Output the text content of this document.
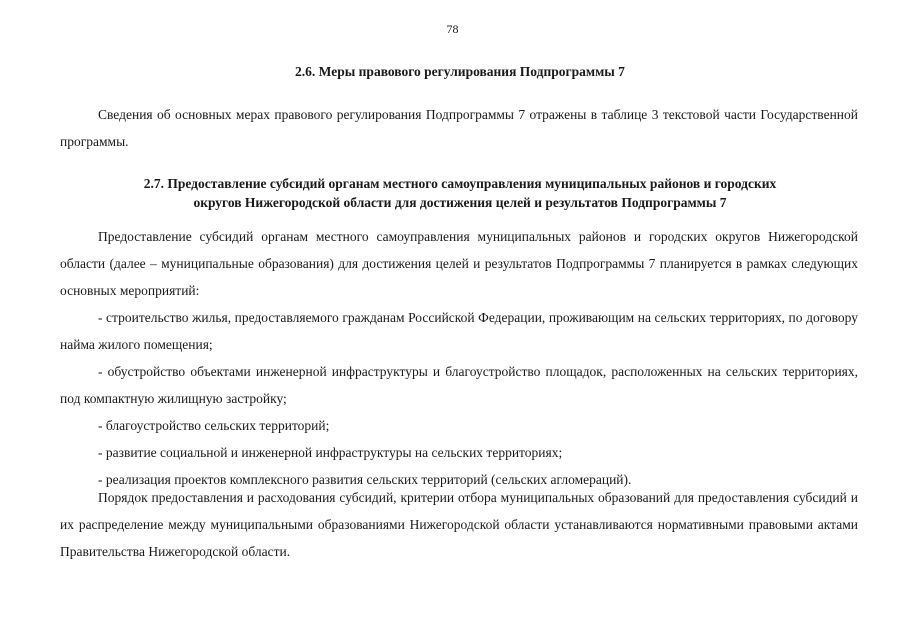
78
2.6. Меры правового регулирования Подпрограммы 7

Сведения об основных мерах правового регулирования Подпрограммы 7 отражены в таблице 3 текстовой части Государственной программы.

2.7. Предоставление субсидий органам местного самоуправления муниципальных районов и городских
округов Нижегородской области для достижения целей и результатов Подпрограммы 7

Предоставление субсидий органам местного самоуправления муниципальных районов и городских округов Нижегородской области (далее – муниципальные образования) для достижения целей и результатов Подпрограммы 7 планируется в рамках следующих основных мероприятий:

- строительство жилья, предоставляемого гражданам Российской Федерации, проживающим на сельских территориях, по договору найма жилого помещения;
- обустройство объектами инженерной инфраструктуры и благоустройство площадок, расположенных на сельских территориях, под компактную жилищную застройку;
- благоустройство сельских территорий;
- развитие социальной и инженерной инфраструктуры на сельских территориях;
- реализация проектов комплексного развития сельских территорий (сельских агломераций).

Порядок предоставления и расходования субсидий, критерии отбора муниципальных образований для предоставления субсидий и их распределение между муниципальными образованиями Нижегородской области устанавливаются нормативными правовыми актами Правительства Нижегородской области.
